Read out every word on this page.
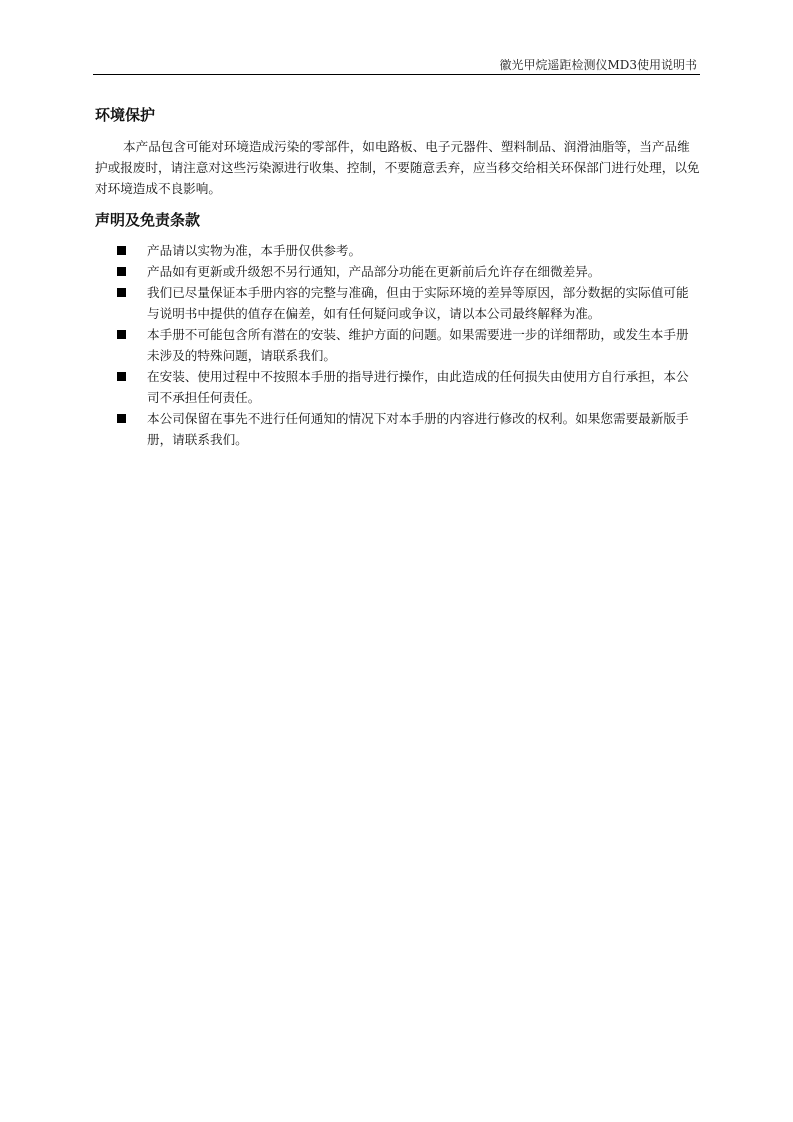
徽光甲烷遥距检测仪MD3使用说明书
环境保护

本产品包含可能对环境造成污染的零部件，如电路板、电子元器件、塑料制品、润滑油脂等，当产品维护或报废时，请注意对这些污染源进行收集、控制，不要随意丢弃，应当移交给相关环保部门进行处理，以免对环境造成不良影响。

声明及免责条款
产品请以实物为准，本手册仅供参考。
产品如有更新或升级恕不另行通知，产品部分功能在更新前后允许存在细微差异。
我们已尽量保证本手册内容的完整与准确，但由于实际环境的差异等原因，部分数据的实际值可能与说明书中提供的值存在偏差，如有任何疑问或争议，请以本公司最终解释为准。
本手册不可能包含所有潜在的安装、维护方面的问题。如果需要进一步的详细帮助，或发生本手册未涉及的特殊问题，请联系我们。
在安装、使用过程中不按照本手册的指导进行操作，由此造成的任何损失由使用方自行承担，本公司不承担任何责任。
本公司保留在事先不进行任何通知的情况下对本手册的内容进行修改的权利。如果您需要最新版手册，请联系我们。
